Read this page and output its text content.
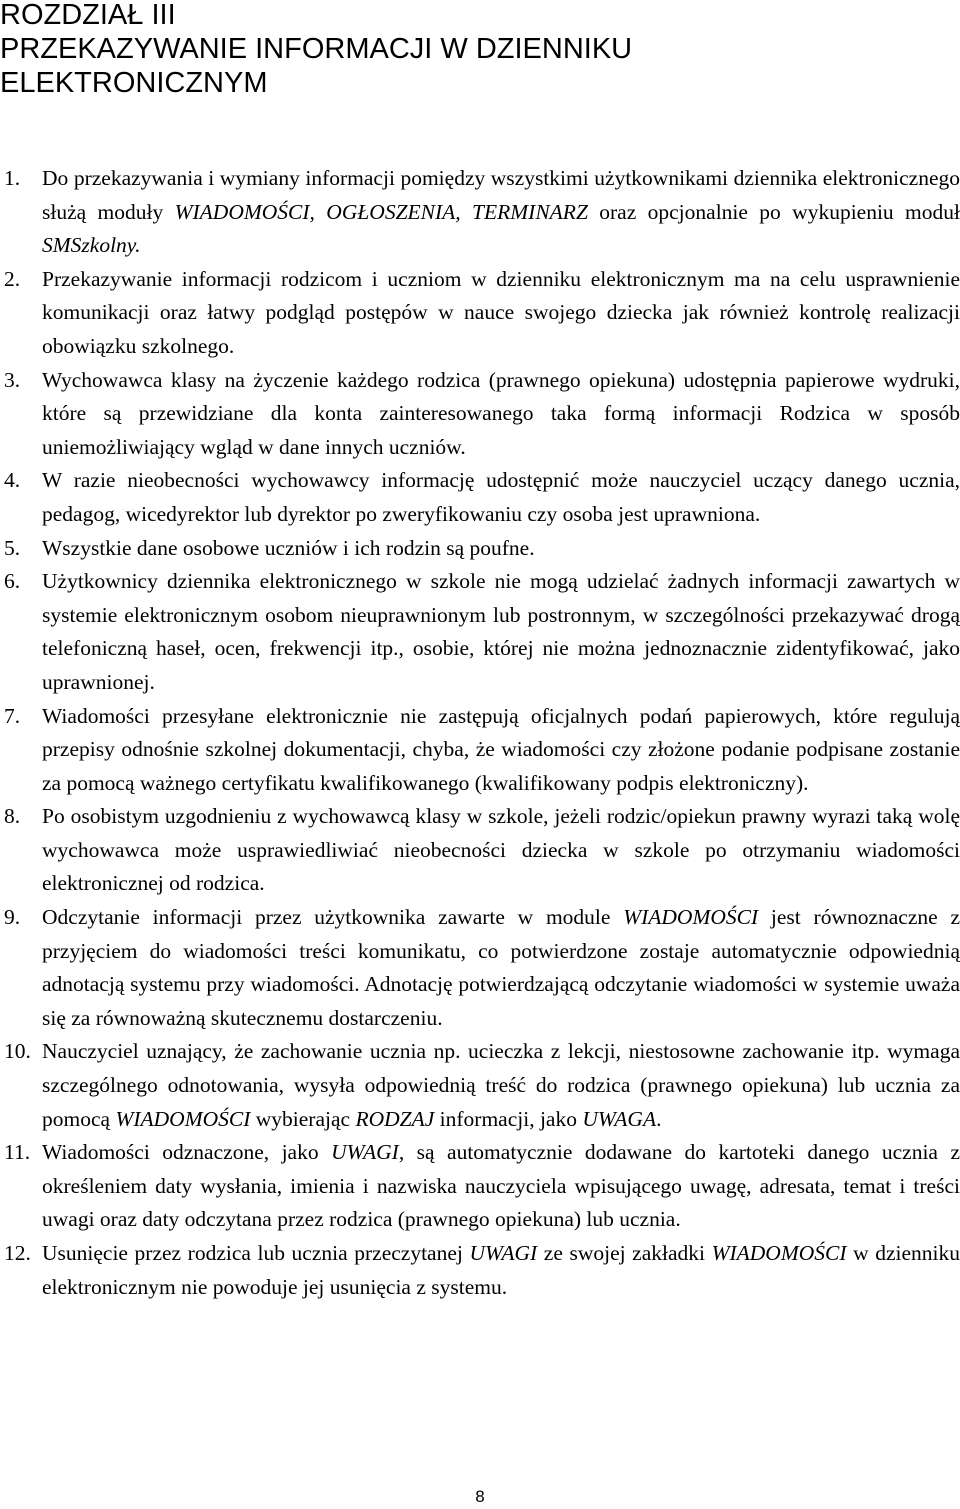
ROZDZIAŁ III
PRZEKAZYWANIE INFORMACJI W DZIENNIKU
ELEKTRONICZNYM
1. Do przekazywania i wymiany informacji pomiędzy wszystkimi użytkownikami dziennika elektronicznego służą moduły WIADOMOŚCI, OGŁOSZENIA, TERMINARZ oraz opcjonalnie po wykupieniu moduł SMSzkolny.
2. Przekazywanie informacji rodzicom i uczniom w dzienniku elektronicznym ma na celu usprawnienie komunikacji oraz łatwy podgląd postępów w nauce swojego dziecka jak również kontrolę realizacji obowiązku szkolnego.
3. Wychowawca klasy na życzenie każdego rodzica (prawnego opiekuna) udostępnia papierowe wydruki, które są przewidziane dla konta zainteresowanego taka formą informacji Rodzica w sposób uniemożliwiający wgląd w dane innych uczniów.
4. W razie nieobecności wychowawcy informację udostępnić może nauczyciel uczący danego ucznia, pedagog, wicedyrektor lub dyrektor po zweryfikowaniu czy osoba jest uprawniona.
5. Wszystkie dane osobowe uczniów i ich rodzin są poufne.
6. Użytkownicy dziennika elektronicznego w szkole nie mogą udzielać żadnych informacji zawartych w systemie elektronicznym osobom nieuprawnionym lub postronnym, w szczególności przekazywać drogą telefoniczną haseł, ocen, frekwencji itp., osobie, której nie można jednoznacznie zidentyfikować, jako uprawnionej.
7. Wiadomości przesyłane elektronicznie nie zastępują oficjalnych podań papierowych, które regulują przepisy odnośnie szkolnej dokumentacji, chyba, że wiadomości czy złożone podanie podpisane zostanie za pomocą ważnego certyfikatu kwalifikowanego (kwalifikowany podpis elektroniczny).
8. Po osobistym uzgodnieniu z wychowawcą klasy w szkole, jeżeli rodzic/opiekun prawny wyrazi taką wolę wychowawca może usprawiedliwiać nieobecności dziecka w szkole po otrzymaniu wiadomości elektronicznej od rodzica.
9. Odczytanie informacji przez użytkownika zawarte w module WIADOMOŚCI jest równoznaczne z przyjęciem do wiadomości treści komunikatu, co potwierdzone zostaje automatycznie odpowiednią adnotacją systemu przy wiadomości. Adnotację potwierdzającą odczytanie wiadomości w systemie uważa się za równoważną skutecznemu dostarczeniu.
10. Nauczyciel uznający, że zachowanie ucznia np. ucieczka z lekcji, niestosowne zachowanie itp. wymaga szczególnego odnotowania, wysyła odpowiednią treść do rodzica (prawnego opiekuna) lub ucznia za pomocą WIADOMOŚCI wybierając RODZAJ informacji, jako UWAGA.
11. Wiadomości odznaczone, jako UWAGI, są automatycznie dodawane do kartoteki danego ucznia z określeniem daty wysłania, imienia i nazwiska nauczyciela wpisującego uwagę, adresata, temat i treści uwagi oraz daty odczytana przez rodzica (prawnego opiekuna) lub ucznia.
12. Usunięcie przez rodzica lub ucznia przeczytanej UWAGI ze swojej zakładki WIADOMOŚCI w dzienniku elektronicznym nie powoduje jej usunięcia z systemu.
8
